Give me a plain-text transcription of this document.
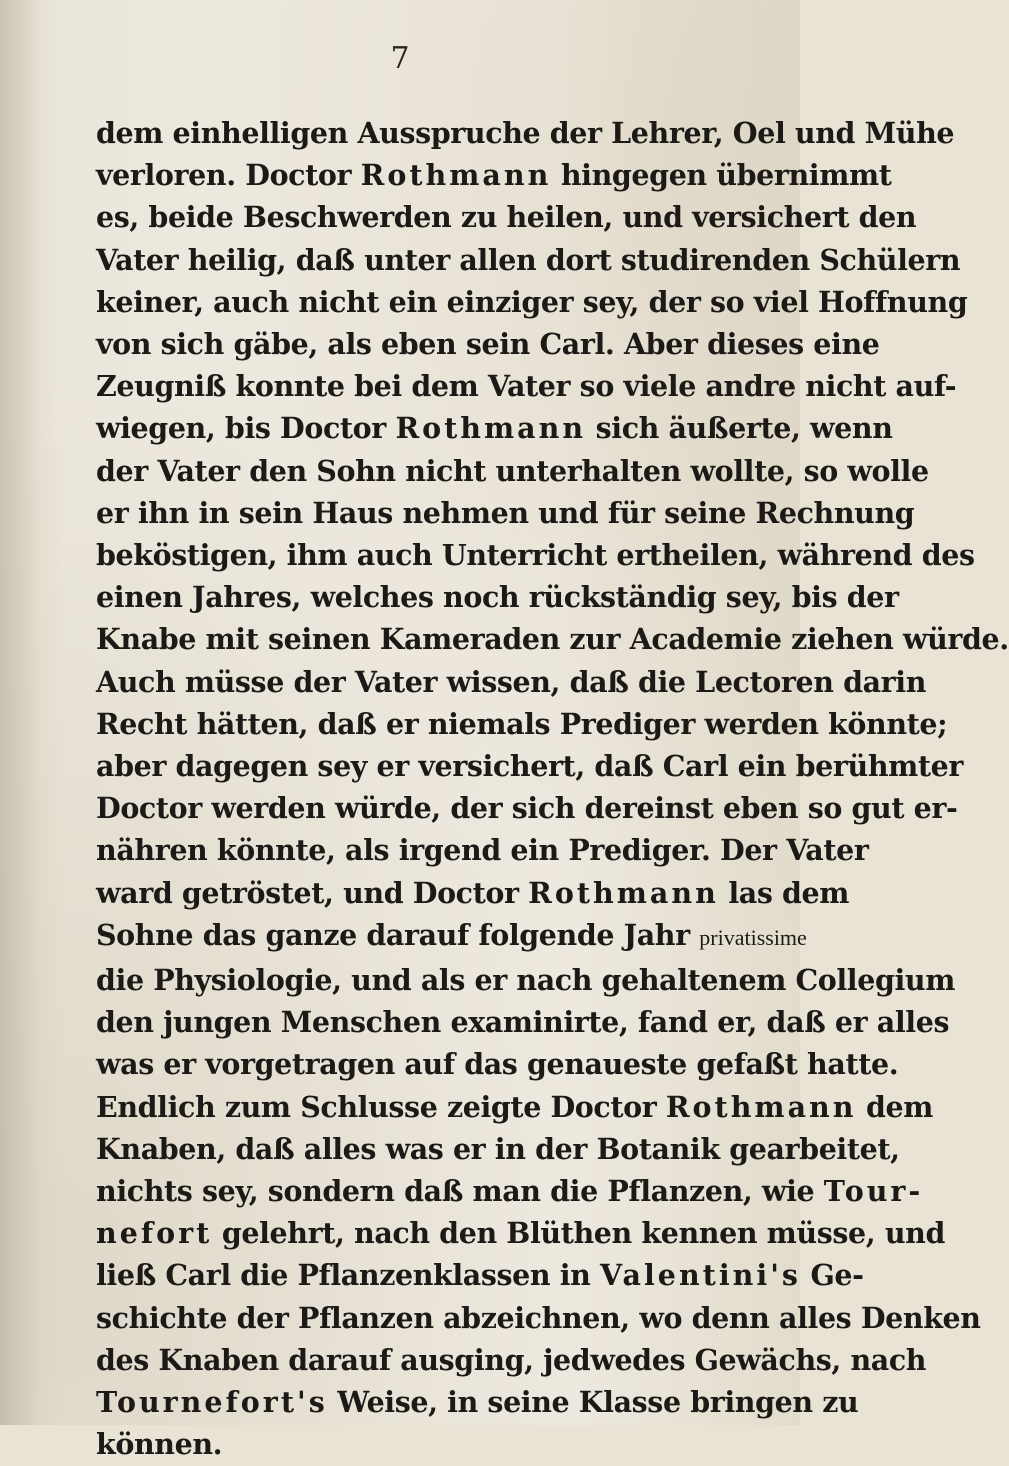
7
dem einhelligen Ausspruche der Lehrer, Oel und Mühe
verloren. Doctor Rothmann hingegen übernimmt
es, beide Beschwerden zu heilen, und versichert den
Vater heilig, daß unter allen dort studirenden Schülern
keiner, auch nicht ein einziger sey, der so viel Hoffnung
von sich gäbe, als eben sein Carl. Aber dieses eine
Zeugniß konnte bei dem Vater so viele andre nicht auf-
wiegen, bis Doctor Rothmann sich äußerte, wenn
der Vater den Sohn nicht unterhalten wollte, so wolle
er ihn in sein Haus nehmen und für seine Rechnung
beköstigen, ihm auch Unterricht ertheilen, während des
einen Jahres, welches noch rückständig sey, bis der
Knabe mit seinen Kameraden zur Academie ziehen würde.
Auch müsse der Vater wissen, daß die Lectoren darin
Recht hätten, daß er niemals Prediger werden könnte;
aber dagegen sey er versichert, daß Carl ein berühmter
Doctor werden würde, der sich dereinst eben so gut er-
nähren könnte, als irgend ein Prediger. Der Vater
ward getröstet, und Doctor Rothmann las dem
Sohne das ganze darauf folgende Jahr privatissime
die Physiologie, und als er nach gehaltenem Collegium
den jungen Menschen examinirte, fand er, daß er alles
was er vorgetragen auf das genaueste gefaßt hatte.
Endlich zum Schlusse zeigte Doctor Rothmann dem
Knaben, daß alles was er in der Botanik gearbeitet,
nichts sey, sondern daß man die Pflanzen, wie Tour-
nefort gelehrt, nach den Blüthen kennen müsse, und
ließ Carl die Pflanzenklassen in Valentini's Ge-
schichte der Pflanzen abzeichnen, wo denn alles Denken
des Knaben darauf ausging, jedwedes Gewächs, nach
Tournefort's Weise, in seine Klasse bringen zu
können.
